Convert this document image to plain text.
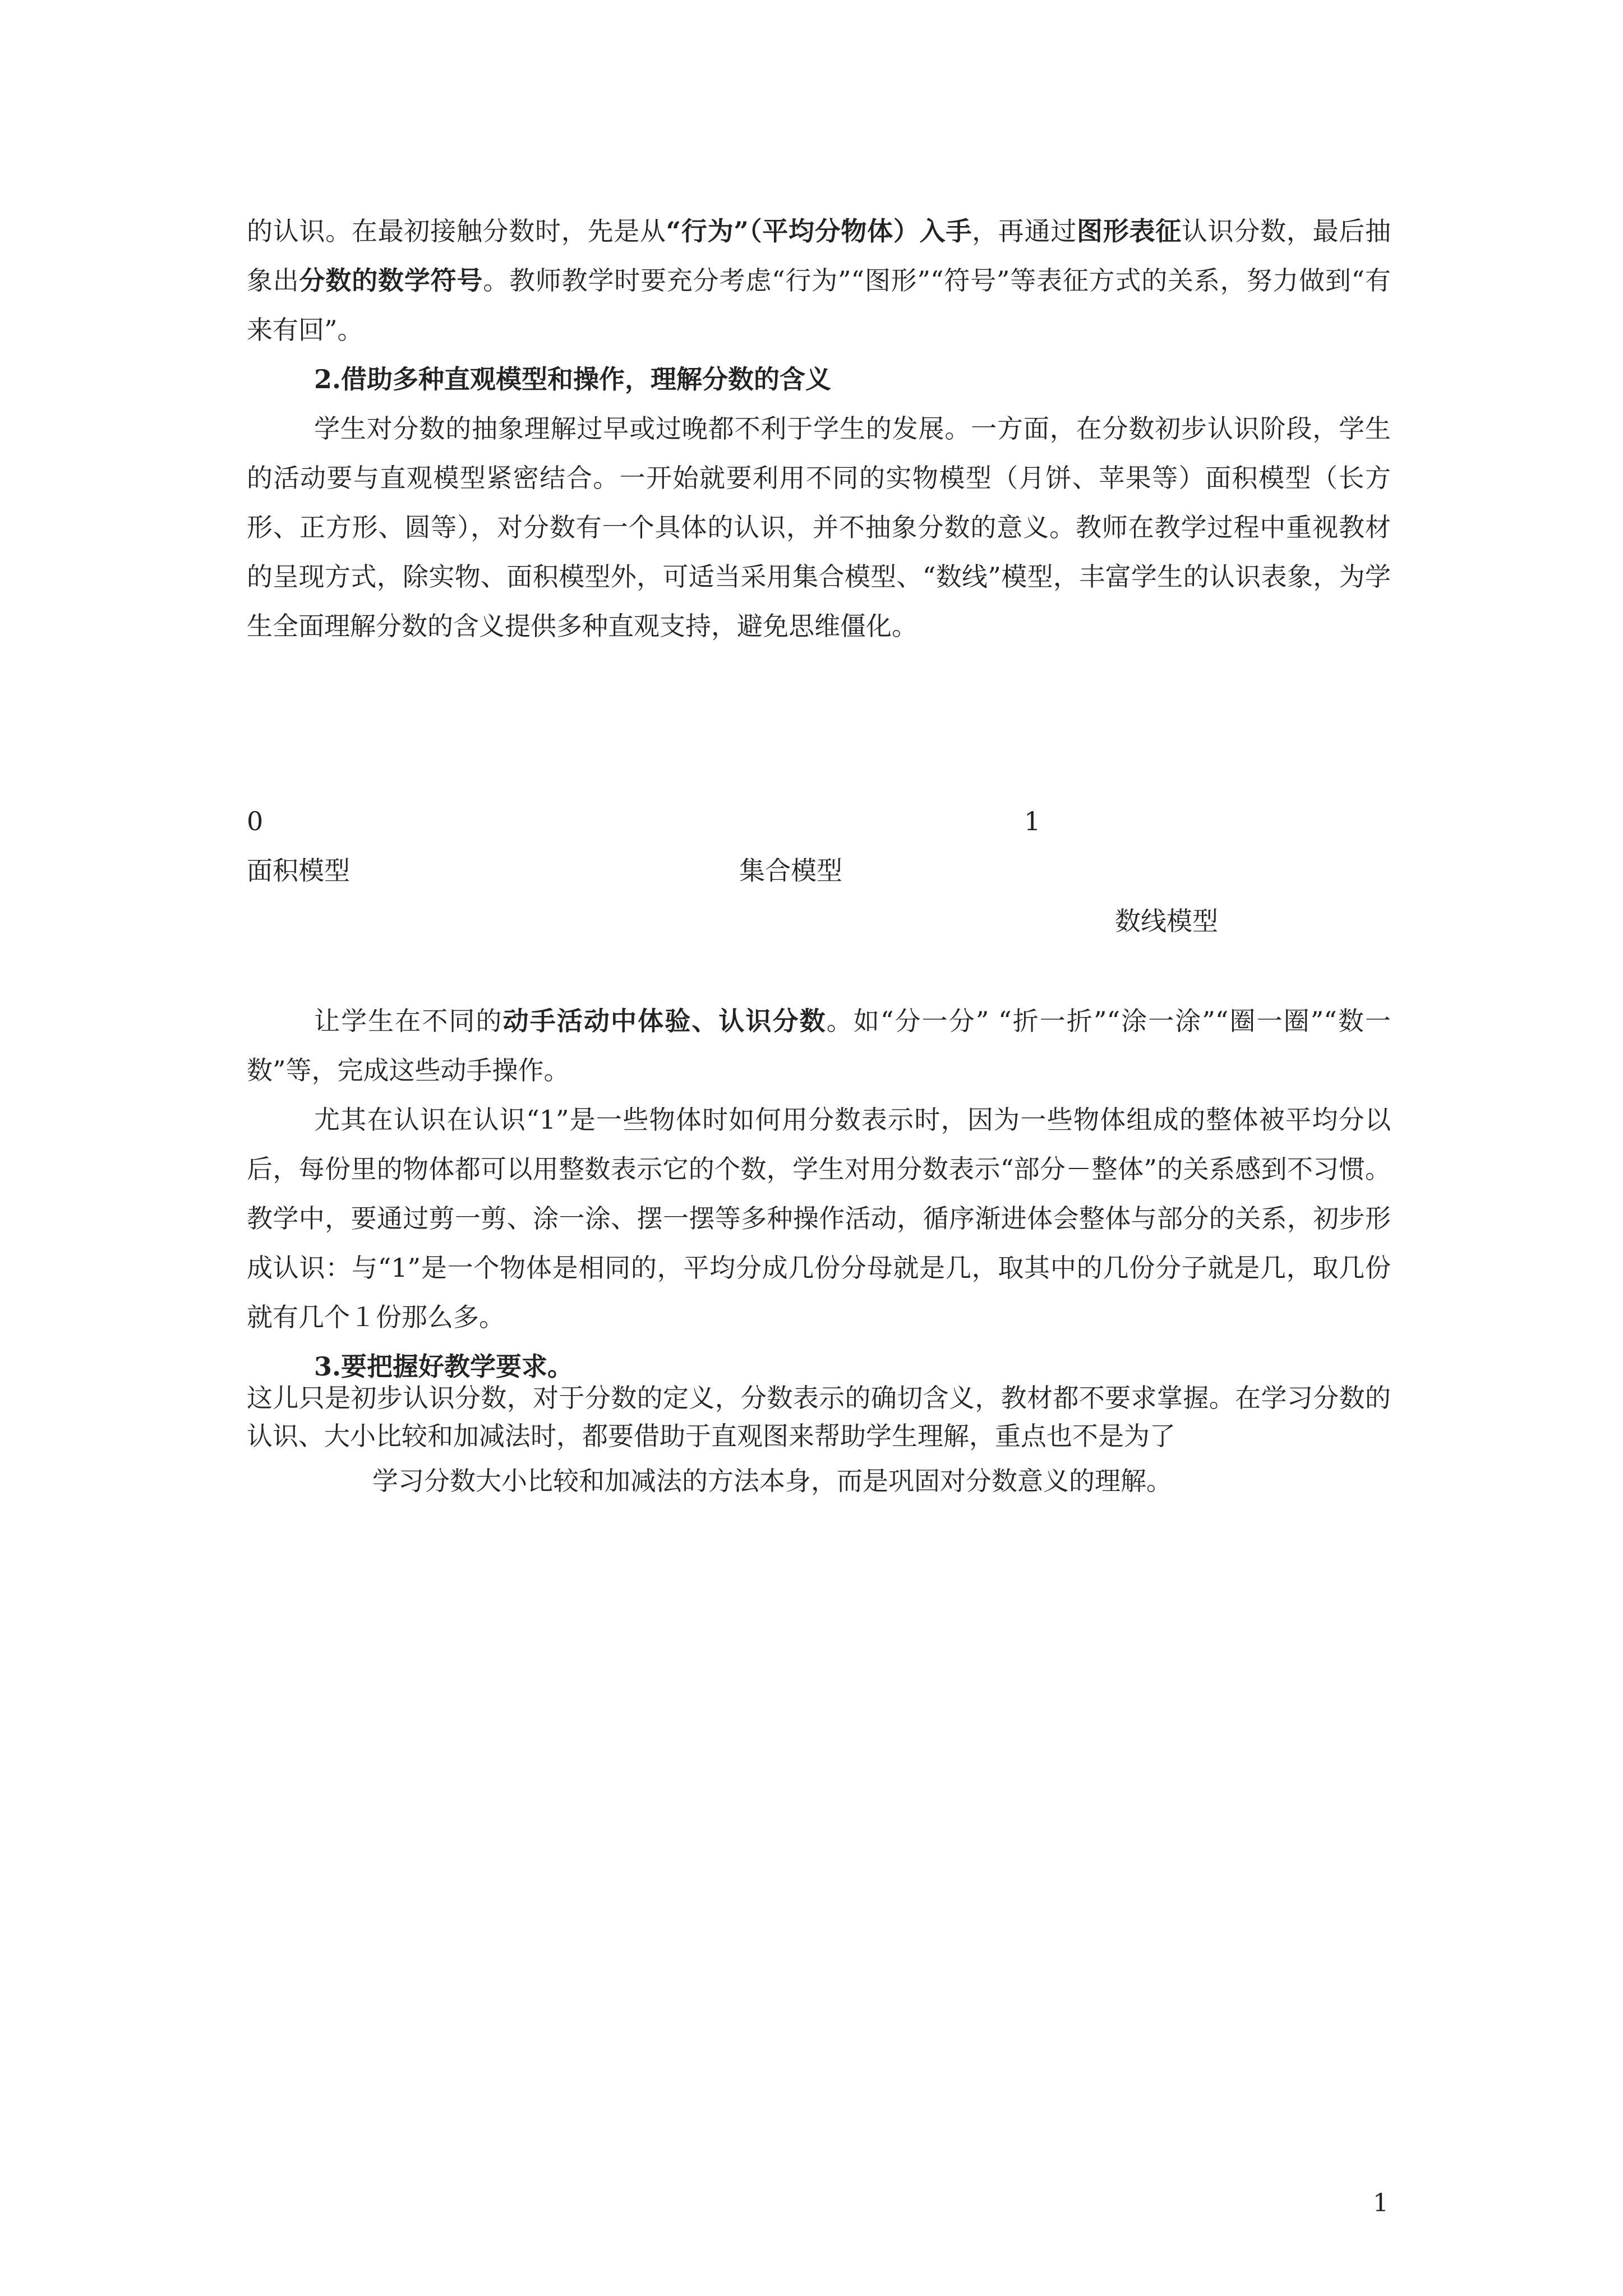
的认识。在最初接触分数时，先是从“行为”（平均分物体）入手，再通过图形表征认识分数，最后抽象出分数的数学符号。教师教学时要充分考虑“行为”“图形”“符号”等表征方式的关系，努力做到“有来有回”。

2.借助多种直观模型和操作，理解分数的含义

学生对分数的抽象理解过早或过晚都不利于学生的发展。一方面，在分数初步认识阶段，学生的活动要与直观模型紧密结合。一开始就要利用不同的实物模型（月饼、苹果等）面积模型（长方形、正方形、圆等），对分数有一个具体的认识，并不抽象分数的意义。教师在教学过程中重视教材的呈现方式，除实物、面积模型外，可适当采用集合模型、“数线”模型，丰富学生的认识表象，为学生全面理解分数的含义提供多种直观支持，避免思维僵化。

0	1
面积模型	集合模型
数线模型

让学生在不同的动手活动中体验、认识分数。如“分一分” “折一折”“涂一涂”“圈一圈”“数一数”等，完成这些动手操作。

尤其在认识在认识“1”是一些物体时如何用分数表示时，因为一些物体组成的整体被平均分以后，每份里的物体都可以用整数表示它的个数，学生对用分数表示“部分－整体”的关系感到不习惯。教学中，要通过剪一剪、涂一涂、摆一摆等多种操作活动，循序渐进体会整体与部分的关系，初步形成认识：与“1”是一个物体是相同的，平均分成几份分母就是几，取其中的几份分子就是几，取几份就有几个１份那么多。

3.要把握好教学要求。

这儿只是初步认识分数，对于分数的定义，分数表示的确切含义，教材都不要求掌握。在学习分数的认识、大小比较和加减法时，都要借助于直观图来帮助学生理解，重点也不是为了

学习分数大小比较和加减法的方法本身，而是巩固对分数意义的理解。
1
